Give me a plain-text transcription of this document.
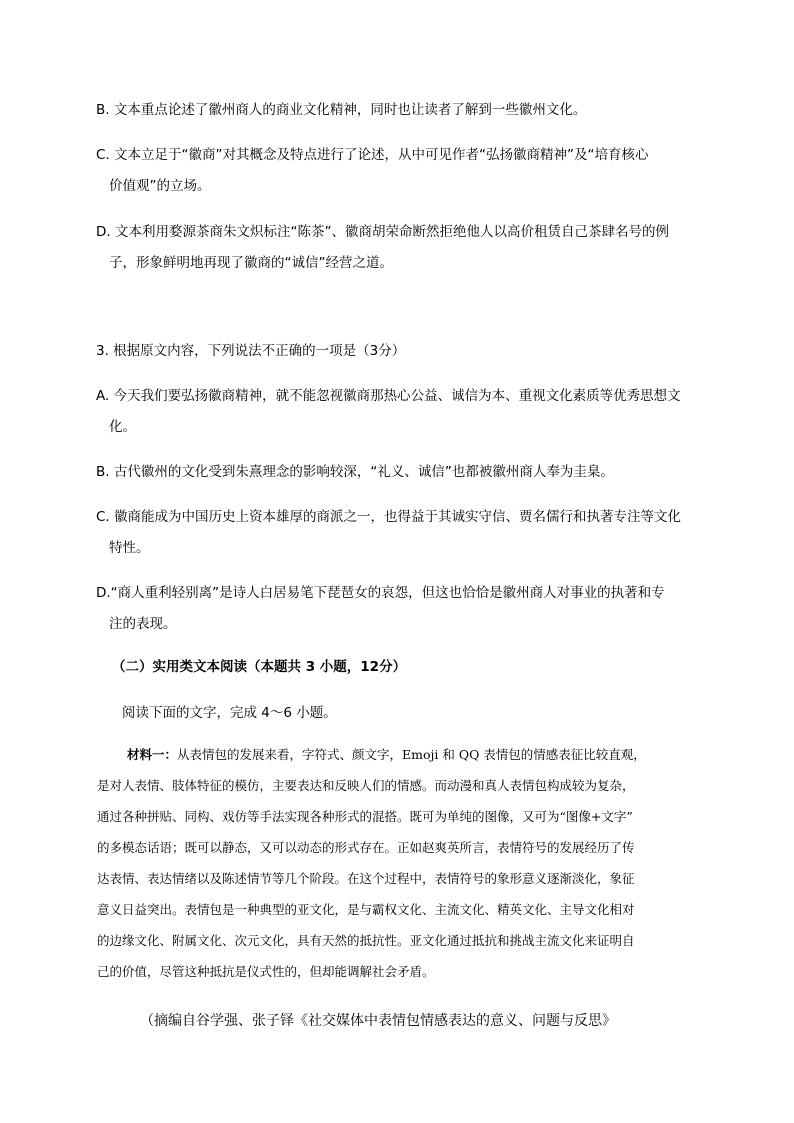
B. 文本重点论述了徽州商人的商业文化精神，同时也让读者了解到一些徽州文化。
C. 文本立足于“徽商”对其概念及特点进行了论述，从中可见作者“弘扬徽商精神”及“培育核心
价值观”的立场。
D. 文本利用婺源茶商朱文炽标注“陈茶”、徽商胡荣命断然拒绝他人以高价租赁自己茶肆名号的例
子，形象鲜明地再现了徽商的“诚信”经营之道。
3. 根据原文内容，下列说法不正确的一项是（3分）
A. 今天我们要弘扬徽商精神，就不能忽视徽商那热心公益、诚信为本、重视文化素质等优秀思想文
化。
B. 古代徽州的文化受到朱熹理念的影响较深，“礼义、诚信”也都被徽州商人奉为圭臬。
C. 徽商能成为中国历史上资本雄厚的商派之一，也得益于其诚实守信、贾名儒行和执著专注等文化
特性。
D.“商人重利轻别离”是诗人白居易笔下琵琶女的哀怨，但这也恰恰是徽州商人对事业的执著和专
注的表现。
（二）实用类文本阅读（本题共 3 小题，12分）
阅读下面的文字，完成 4～6 小题。
材料一：从表情包的发展来看，字符式、颜文字，Emoji 和 QQ 表情包的情感表征比较直观，
是对人表情、肢体特征的模仿，主要表达和反映人们的情感。而动漫和真人表情包构成较为复杂，
通过各种拼贴、同构、戏仿等手法实现各种形式的混搭。既可为单纯的图像，又可为“图像+文字”
的多模态话语；既可以静态，又可以动态的形式存在。正如赵爽英所言，表情符号的发展经历了传
达表情、表达情绪以及陈述情节等几个阶段。在这个过程中，表情符号的象形意义逐渐淡化，象征
意义日益突出。表情包是一种典型的亚文化，是与霸权文化、主流文化、精英文化、主导文化相对
的边缘文化、附属文化、次元文化，具有天然的抵抗性。亚文化通过抵抗和挑战主流文化来证明自
己的价值，尽管这种抵抗是仪式性的，但却能调解社会矛盾。
（摘编自谷学强、张子铎《社交媒体中表情包情感表达的意义、问题与反思》
